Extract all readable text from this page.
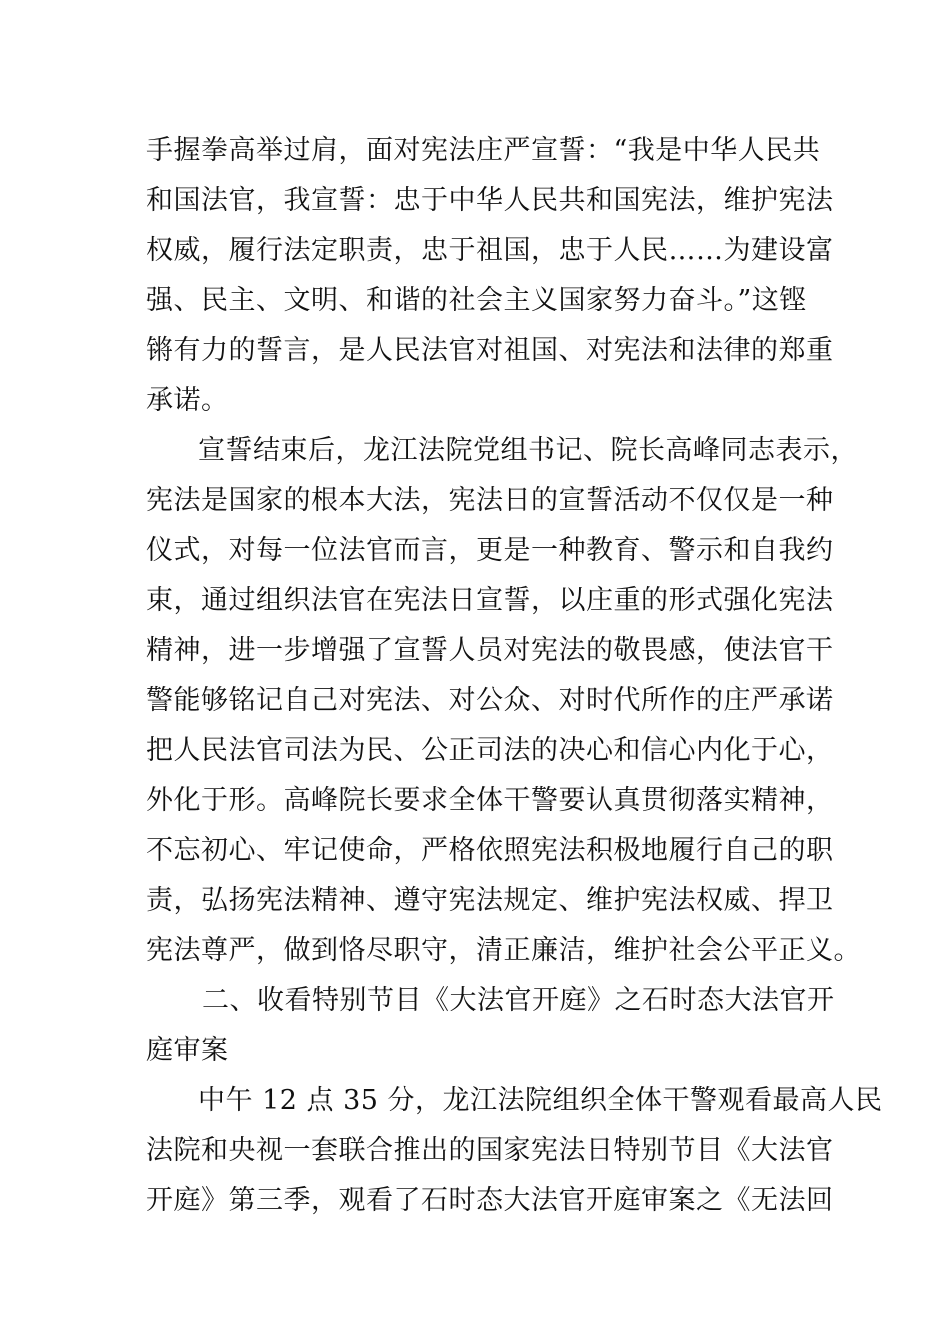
手握拳高举过肩，面对宪法庄严宣誓：“我是中华人民共
和国法官，我宣誓：忠于中华人民共和国宪法，维护宪法
权威，履行法定职责，忠于祖国，忠于人民……为建设富
强、民主、文明、和谐的社会主义国家努力奋斗。”这铿
锵有力的誓言，是人民法官对祖国、对宪法和法律的郑重
承诺。
宣誓结束后，龙江法院党组书记、院长高峰同志表示，
宪法是国家的根本大法，宪法日的宣誓活动不仅仅是一种
仪式，对每一位法官而言，更是一种教育、警示和自我约
束，通过组织法官在宪法日宣誓，以庄重的形式强化宪法
精神，进一步增强了宣誓人员对宪法的敬畏感，使法官干
警能够铭记自己对宪法、对公众、对时代所作的庄严承诺
把人民法官司法为民、公正司法的决心和信心内化于心，
外化于形。高峰院长要求全体干警要认真贯彻落实精神，
不忘初心、牢记使命，严格依照宪法积极地履行自己的职
责，弘扬宪法精神、遵守宪法规定、维护宪法权威、捍卫
宪法尊严，做到恪尽职守，清正廉洁，维护社会公平正义。
二、收看特别节目《大法官开庭》之石时态大法官开
庭审案
中午 12 点 35 分，龙江法院组织全体干警观看最高人民
法院和央视一套联合推出的国家宪法日特别节目《大法官
开庭》第三季，观看了石时态大法官开庭审案之《无法回
